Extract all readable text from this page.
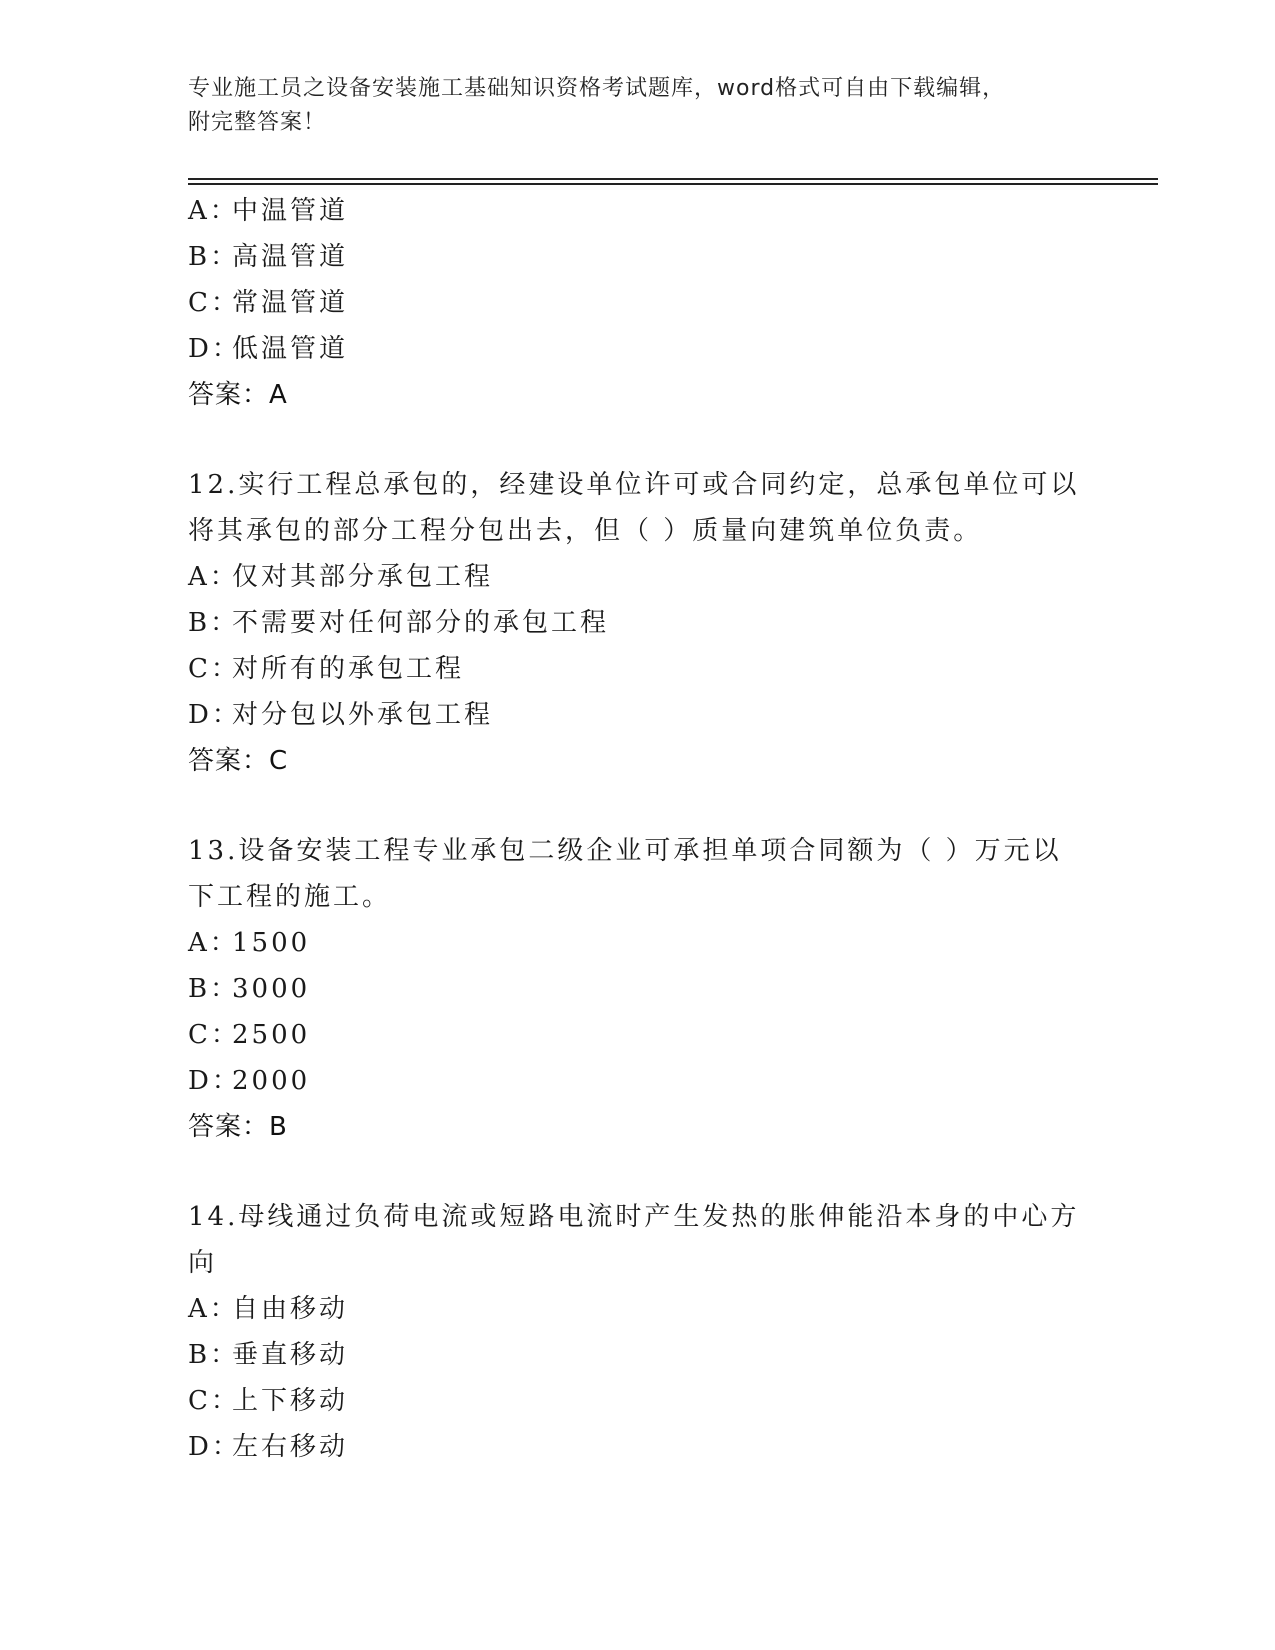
专业施工员之设备安装施工基础知识资格考试题库，word格式可自由下载编辑，
附完整答案！
A：中温管道
B：高温管道
C：常温管道
D：低温管道
答案：A
12.实行工程总承包的，经建设单位许可或合同约定，总承包单位可以
将其承包的部分工程分包出去，但（ ）质量向建筑单位负责。
A：仅对其部分承包工程
B：不需要对任何部分的承包工程
C：对所有的承包工程
D：对分包以外承包工程
答案：C
13.设备安装工程专业承包二级企业可承担单项合同额为（ ）万元以
下工程的施工。
A：1500
B：3000
C：2500
D：2000
答案：B
14.母线通过负荷电流或短路电流时产生发热的胀伸能沿本身的中心方
向
A：自由移动
B：垂直移动
C：上下移动
D：左右移动
